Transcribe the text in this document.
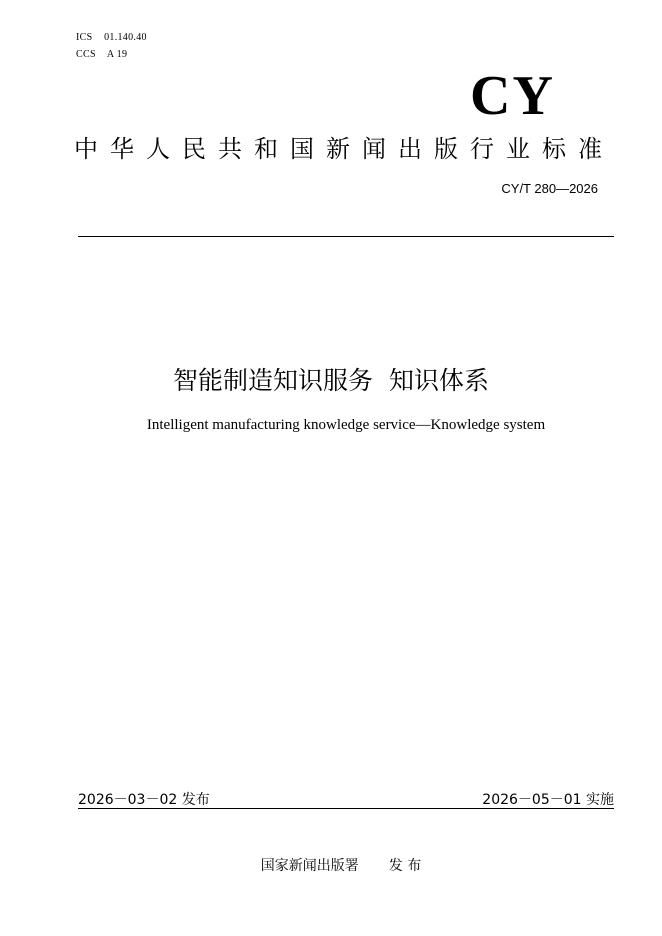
ICS 01.140.40
CCS A 19
CY
中华人民共和国新闻出版行业标准
CY/T 280—2026
智能制造知识服务  知识体系
Intelligent manufacturing knowledge service—Knowledge system
2026－03－02 发布	2026－05－01 实施
国家新闻出版署 发 布
